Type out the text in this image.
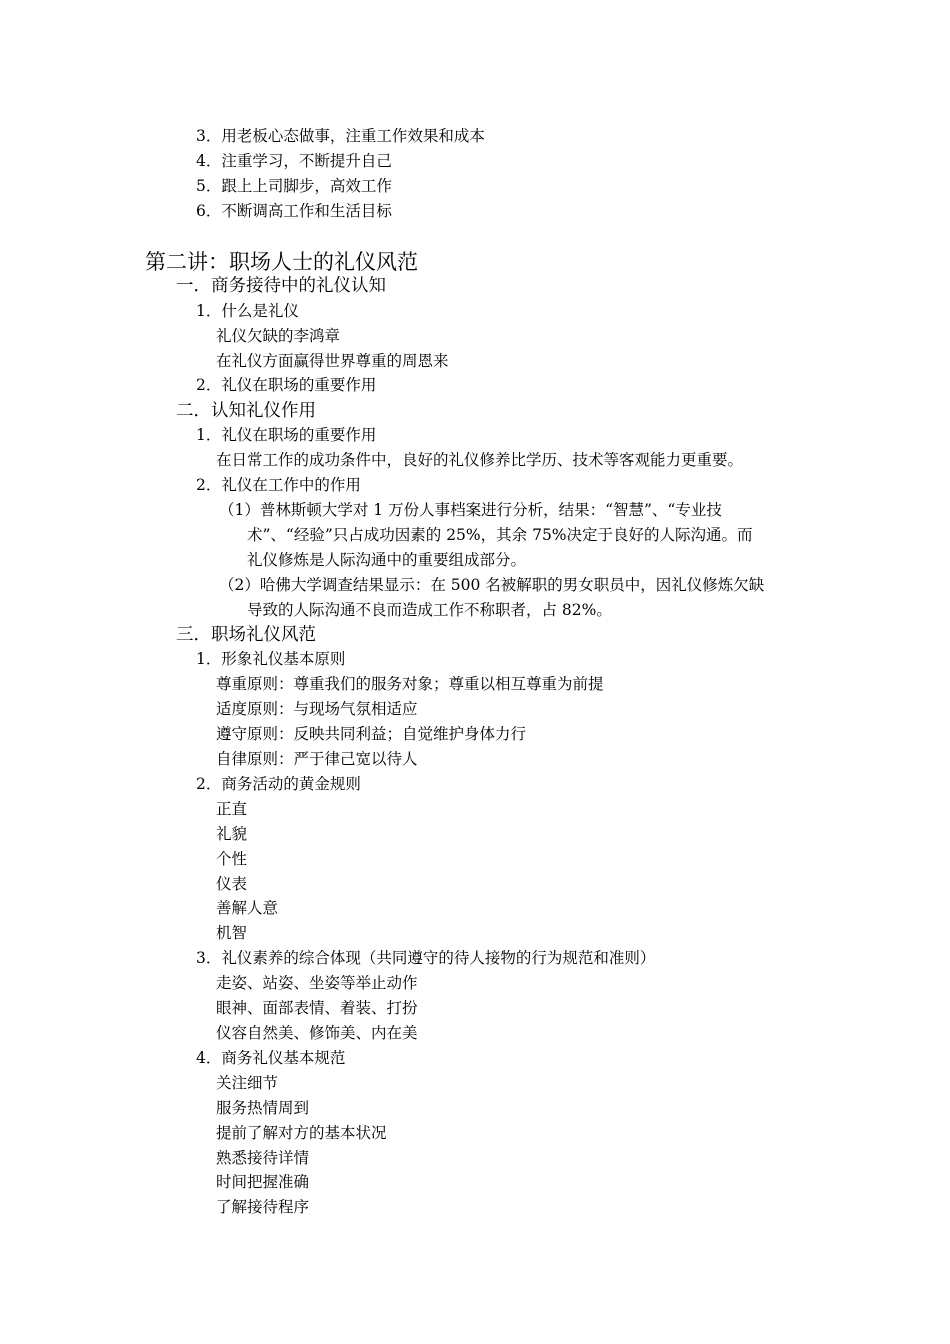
3．用老板心态做事，注重工作效果和成本
4．注重学习，不断提升自己
5．跟上上司脚步，高效工作
6．不断调高工作和生活目标
第二讲：职场人士的礼仪风范
一．商务接待中的礼仪认知
1．什么是礼仪
礼仪欠缺的李鸿章
在礼仪方面赢得世界尊重的周恩来
2．礼仪在职场的重要作用
二．认知礼仪作用
1．礼仪在职场的重要作用
在日常工作的成功条件中，良好的礼仪修养比学历、技术等客观能力更重要。
2．礼仪在工作中的作用
（1）普林斯顿大学对 1 万份人事档案进行分析，结果：“智慧”、“专业技
术”、“经验”只占成功因素的 25%，其余 75%决定于良好的人际沟通。而
礼仪修炼是人际沟通中的重要组成部分。
（2）哈佛大学调查结果显示：在 500 名被解职的男女职员中，因礼仪修炼欠缺
导致的人际沟通不良而造成工作不称职者，占 82%。
三．职场礼仪风范
1．形象礼仪基本原则
尊重原则：尊重我们的服务对象；尊重以相互尊重为前提
适度原则：与现场气氛相适应
遵守原则：反映共同利益；自觉维护身体力行
自律原则：严于律己宽以待人
2．商务活动的黄金规则
正直
礼貌
个性
仪表
善解人意
机智
3．礼仪素养的综合体现（共同遵守的待人接物的行为规范和准则）
走姿、站姿、坐姿等举止动作
眼神、面部表情、着装、打扮
仪容自然美、修饰美、内在美
4．商务礼仪基本规范
关注细节
服务热情周到
提前了解对方的基本状况
熟悉接待详情
时间把握准确
了解接待程序
